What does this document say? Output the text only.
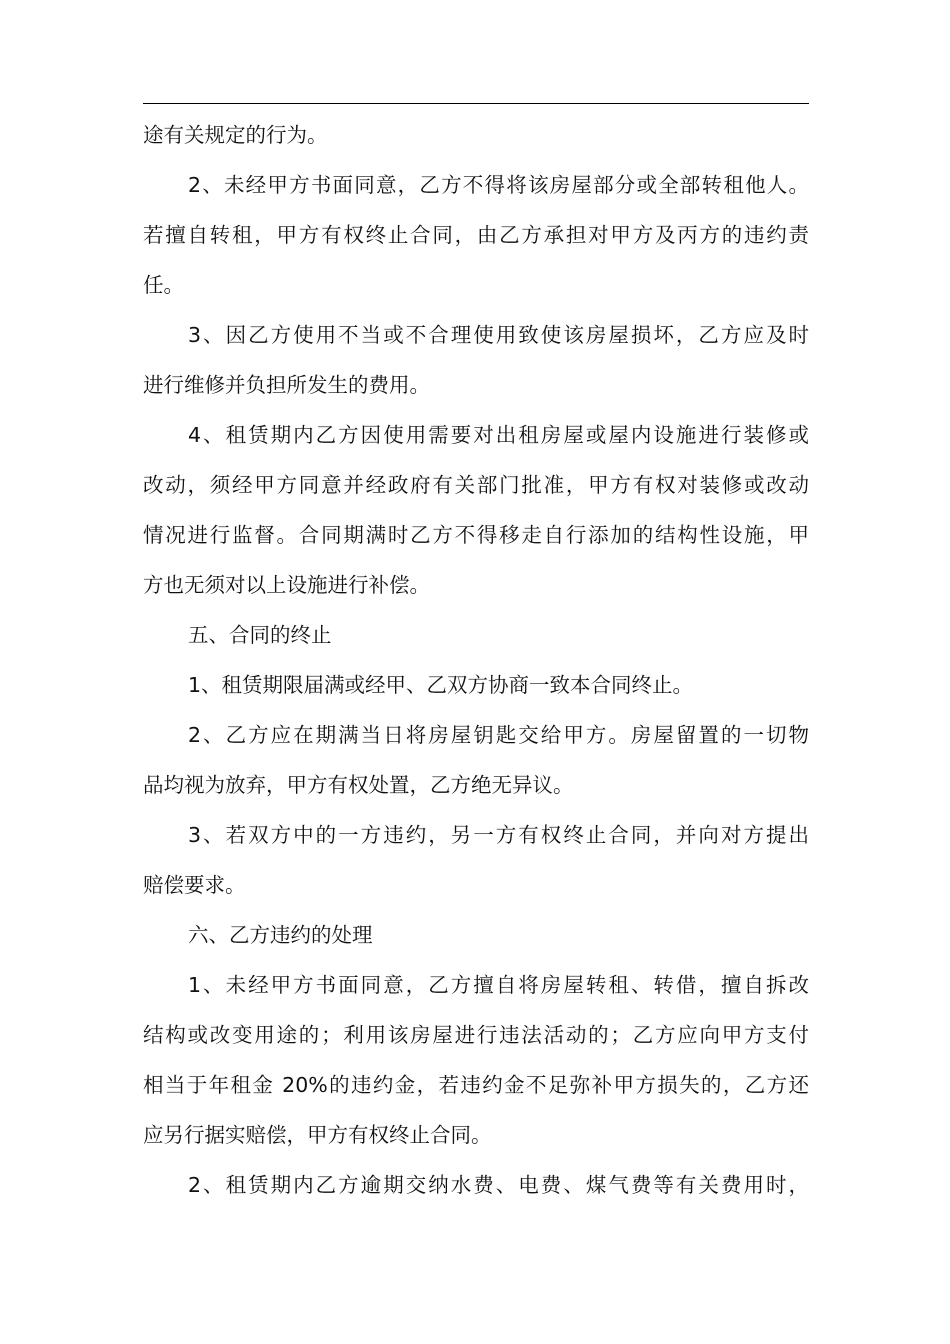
途有关规定的行为。
2、未经甲方书面同意，乙方不得将该房屋部分或全部转租他人。
若擅自转租，甲方有权终止合同，由乙方承担对甲方及丙方的违约责
任。
3、因乙方使用不当或不合理使用致使该房屋损坏，乙方应及时
进行维修并负担所发生的费用。
4、租赁期内乙方因使用需要对出租房屋或屋内设施进行装修或
改动，须经甲方同意并经政府有关部门批准，甲方有权对装修或改动
情况进行监督。合同期满时乙方不得移走自行添加的结构性设施，甲
方也无须对以上设施进行补偿。
五、合同的终止
1、租赁期限届满或经甲、乙双方协商一致本合同终止。
2、乙方应在期满当日将房屋钥匙交给甲方。房屋留置的一切物
品均视为放弃，甲方有权处置，乙方绝无异议。
3、若双方中的一方违约，另一方有权终止合同，并向对方提出
赔偿要求。
六、乙方违约的处理
1、未经甲方书面同意，乙方擅自将房屋转租、转借，擅自拆改
结构或改变用途的；利用该房屋进行违法活动的；乙方应向甲方支付
相当于年租金 20%的违约金，若违约金不足弥补甲方损失的，乙方还
应另行据实赔偿，甲方有权终止合同。
2、租赁期内乙方逾期交纳水费、电费、煤气费等有关费用时，
